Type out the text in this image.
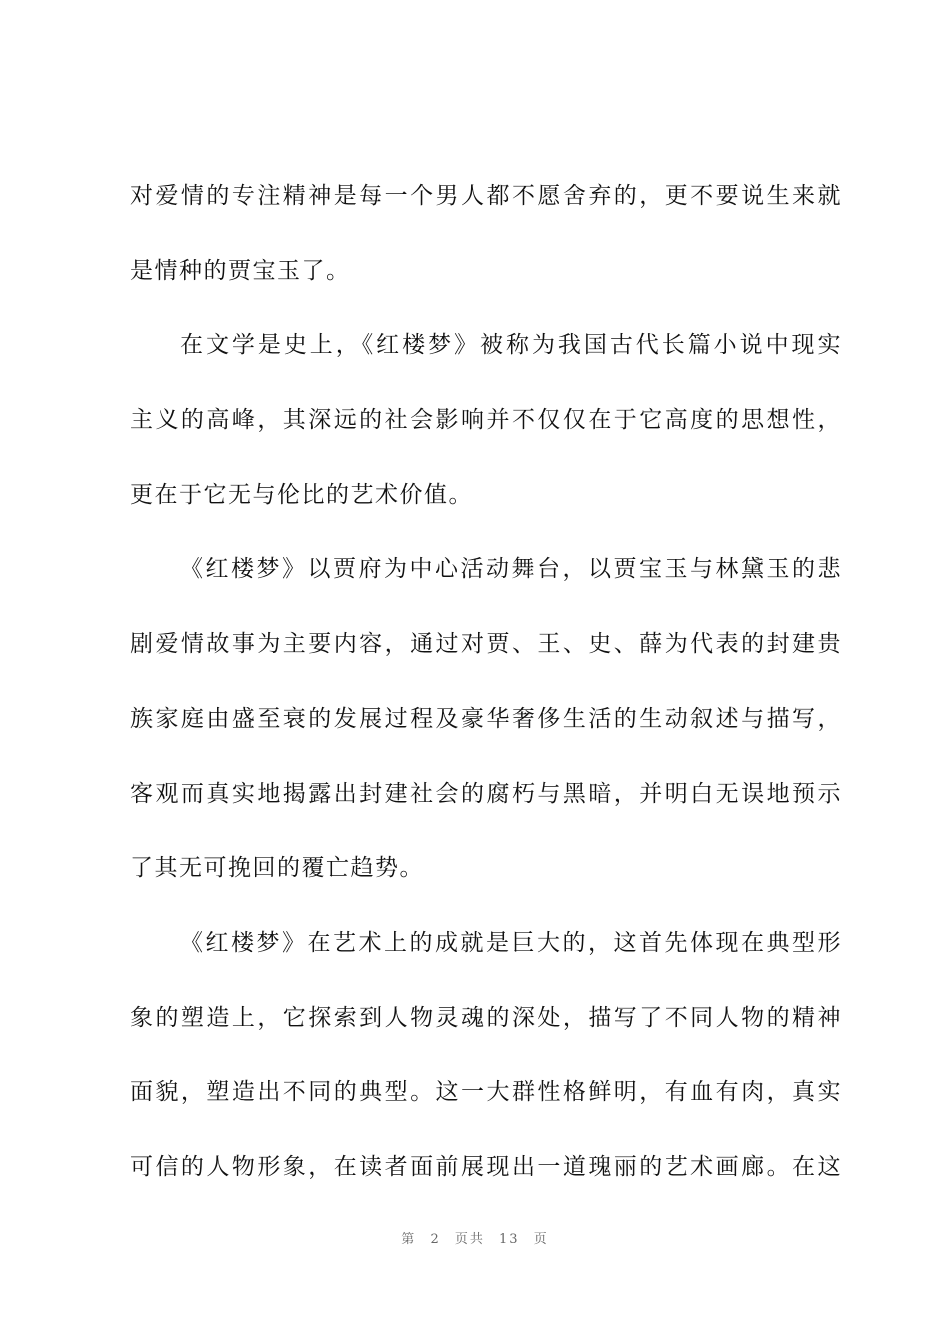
对爱情的专注精神是每一个男人都不愿舍弃的，更不要说生来就
是情种的贾宝玉了。
在文学是史上，《红楼梦》被称为我国古代长篇小说中现实
主义的高峰，其深远的社会影响并不仅仅在于它高度的思想性，
更在于它无与伦比的艺术价值。
《红楼梦》以贾府为中心活动舞台，以贾宝玉与林黛玉的悲
剧爱情故事为主要内容，通过对贾、王、史、薛为代表的封建贵
族家庭由盛至衰的发展过程及豪华奢侈生活的生动叙述与描写，
客观而真实地揭露出封建社会的腐朽与黑暗，并明白无误地预示
了其无可挽回的覆亡趋势。
《红楼梦》在艺术上的成就是巨大的，这首先体现在典型形
象的塑造上，它探索到人物灵魂的深处，描写了不同人物的精神
面貌，塑造出不同的典型。这一大群性格鲜明，有血有肉，真实
可信的人物形象，在读者面前展现出一道瑰丽的艺术画廊。在这
第 2 页共 13 页
